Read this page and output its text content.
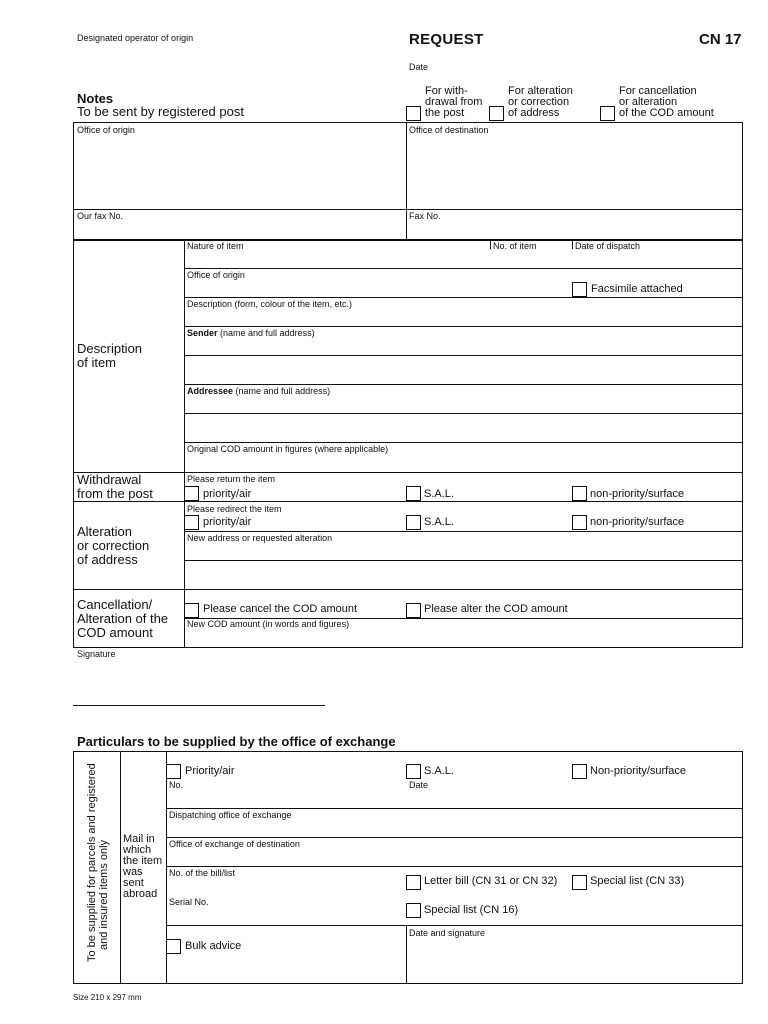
Designated operator of origin	REQUEST	CN 17
Date
Notes
To be sent by registered post
For with-
drawal from
the post
For alteration
or correction
of address
For cancellation
or alteration
of the COD amount
Office of origin	Office of destination
Our fax No.	Fax No.
Description
of item
Nature of item	No. of item	Date of dispatch
Office of origin
Facsimile attached
Description (form, colour of the item, etc.)
Sender (name and full address)
Addressee (name and full address)
Original COD amount in figures (where applicable)
Withdrawal
from the post
Please return the item
priority/air	S.A.L.	non-priority/surface
Alteration
or correction
of address
Please redirect the item
priority/air	S.A.L.	non-priority/surface
New address or requested alteration
Cancellation/
Alteration of the
COD amount
Please cancel the COD amount	Please alter the COD amount
New COD amount (in words and figures)
Signature
Particulars to be supplied by the office of exchange
To be supplied for parcels and registered and insured items only
Mail in
which
the item
was
sent
abroad
Priority/air	S.A.L.	Non-priority/surface
No.	Date
Dispatching office of exchange
Office of exchange of destination
No. of the bill/list
Letter bill (CN 31 or CN 32)	Special list (CN 33)
Serial No.
Special list (CN 16)
Date and signature
Bulk advice
Size 210 x 297 mm
